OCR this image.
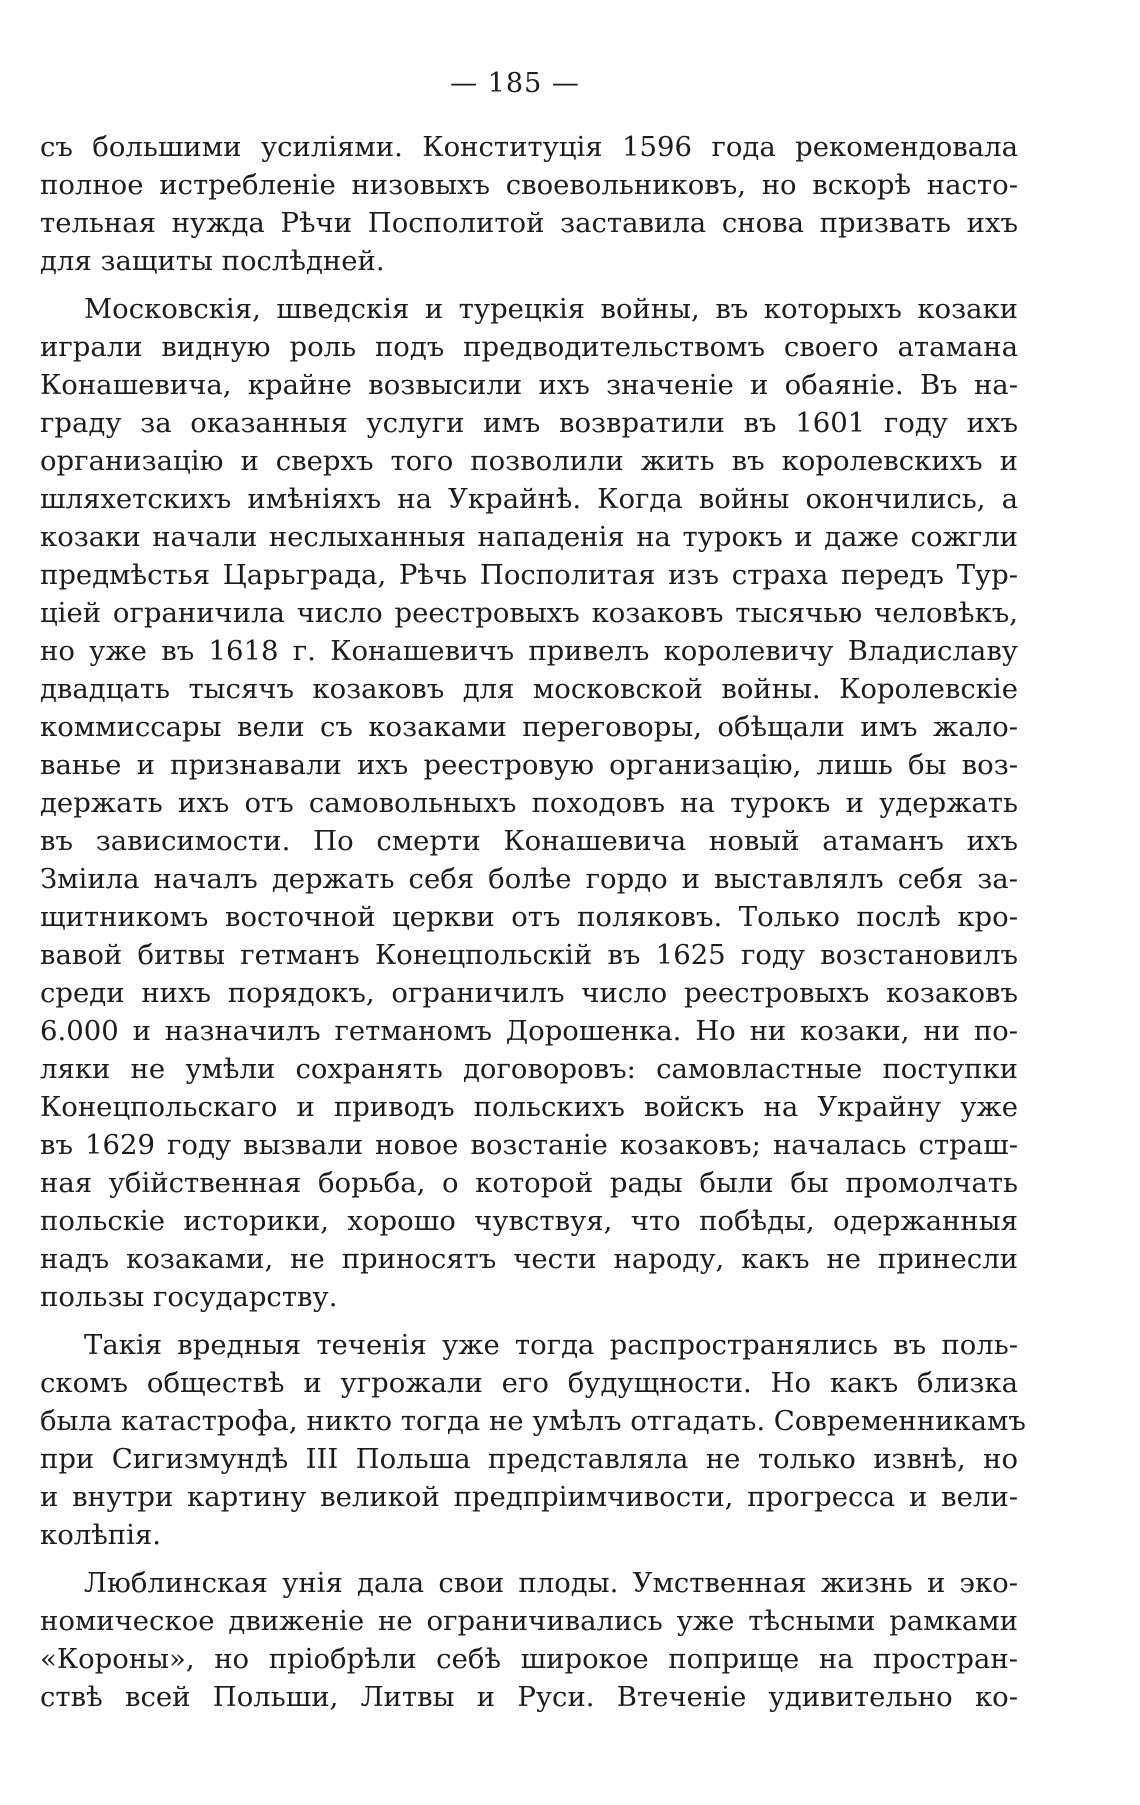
— 185 —
съ большими усиліями. Конституція 1596 года рекомендовала
полное истребленіе низовыхъ своевольниковъ, но вскорѣ насто-
тельная нужда Рѣчи Посполитой заставила снова призвать ихъ
для защиты послѣдней.
Московскія, шведскія и турецкія войны, въ которыхъ козаки
играли видную роль подъ предводительствомъ своего атамана
Конашевича, крайне возвысили ихъ значеніе и обаяніе. Въ на-
граду за оказанныя услуги имъ возвратили въ 1601 году ихъ
организацію и сверхъ того позволили жить въ королевскихъ и
шляхетскихъ имѣніяхъ на Украйнѣ. Когда войны окончились, а
козаки начали неслыханныя нападенія на турокъ и даже сожгли
предмѣстья Царьграда, Рѣчь Посполитая изъ страха передъ Тур-
ціей ограничила число реестровыхъ козаковъ тысячью человѣкъ,
но уже въ 1618 г. Конашевичъ привелъ королевичу Владиславу
двадцать тысячъ козаковъ для московской войны. Королевскіе
коммиссары вели съ козаками переговоры, обѣщали имъ жало-
ванье и признавали ихъ реестровую организацію, лишь бы воз-
держать ихъ отъ самовольныхъ походовъ на турокъ и удержать
въ зависимости. По смерти Конашевича новый атаманъ ихъ
Зміила началъ держать себя болѣе гордо и выставлялъ себя за-
щитникомъ восточной церкви отъ поляковъ. Только послѣ кро-
вавой битвы гетманъ Конецпольскій въ 1625 году возстановилъ
среди нихъ порядокъ, ограничилъ число реестровыхъ козаковъ
6.000 и назначилъ гетманомъ Дорошенка. Но ни козаки, ни по-
ляки не умѣли сохранять договоровъ: самовластные поступки
Конецпольскаго и приводъ польскихъ войскъ на Украйну уже
въ 1629 году вызвали новое возстаніе козаковъ; началась страш-
ная убійственная борьба, о которой рады были бы промолчать
польскіе историки, хорошо чувствуя, что побѣды, одержанныя
надъ козаками, не приносятъ чести народу, какъ не принесли
пользы государству.
Такія вредныя теченія уже тогда распространялись въ поль-
скомъ обществѣ и угрожали его будущности. Но какъ близка
была катастрофа, никто тогда не умѣлъ отгадать. Современникамъ
при Сигизмундѣ III Польша представляла не только извнѣ, но
и внутри картину великой предпріимчивости, прогресса и вели-
колѣпія.
Люблинская унія дала свои плоды. Умственная жизнь и эко-
номическое движеніе не ограничивались уже тѣсными рамками
«Короны», но пріобрѣли себѣ широкое поприще на простран-
ствѣ всей Польши, Литвы и Руси. Втеченіе удивительно ко-
